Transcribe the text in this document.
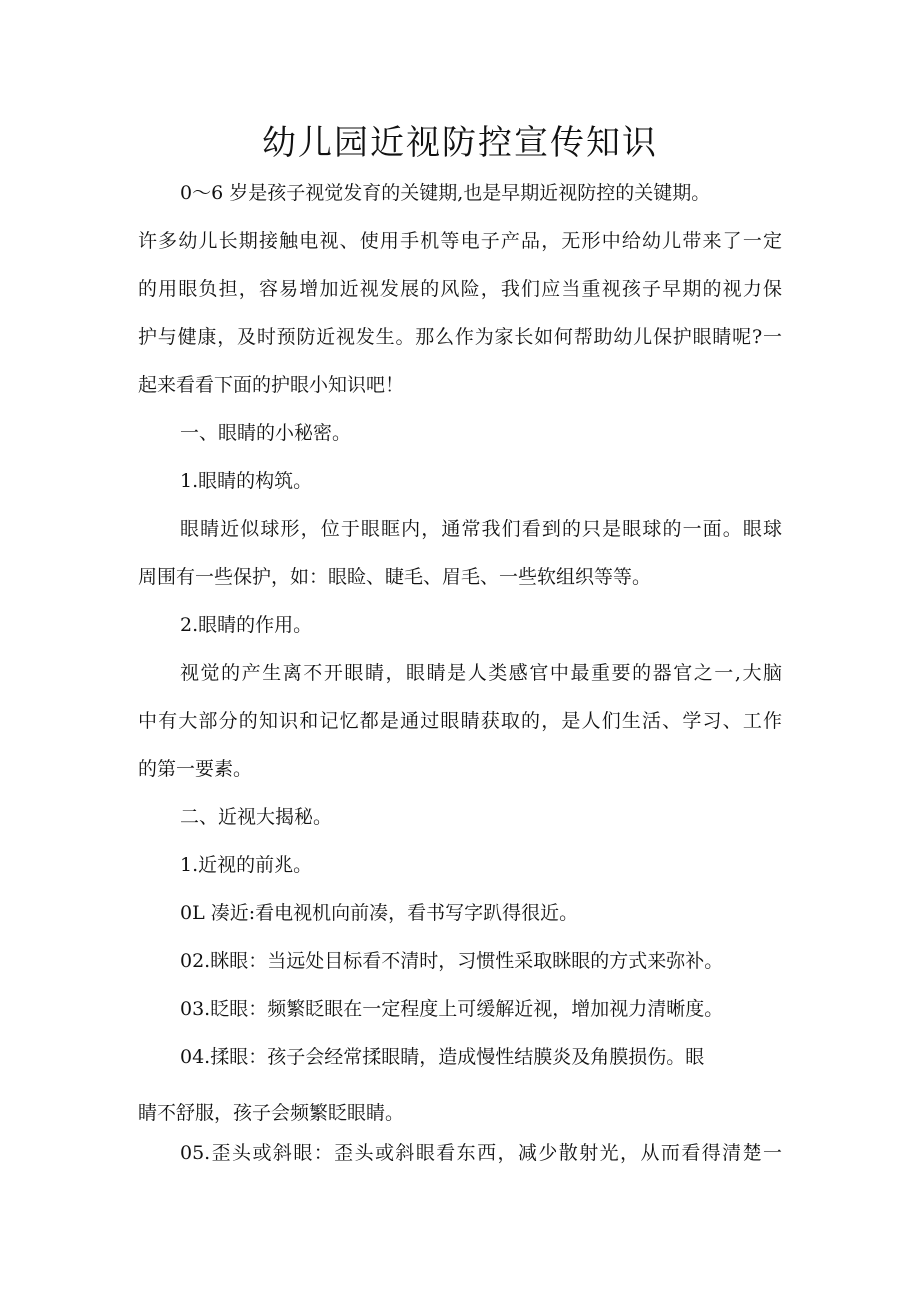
幼儿园近视防控宣传知识
0～6 岁是孩子视觉发育的关键期,也是早期近视防控的关键期。
许多幼儿长期接触电视、使用手机等电子产品，无形中给幼儿带来了一定
的用眼负担，容易增加近视发展的风险，我们应当重视孩子早期的视力保
护与健康，及时预防近视发生。那么作为家长如何帮助幼儿保护眼睛呢?一
起来看看下面的护眼小知识吧！
一、眼睛的小秘密。
1.眼睛的构筑。
眼睛近似球形，位于眼眶内，通常我们看到的只是眼球的一面。眼球
周围有一些保护，如：眼睑、睫毛、眉毛、一些软组织等等。
2.眼睛的作用。
视觉的产生离不开眼睛，眼睛是人类感官中最重要的器官之一,大脑
中有大部分的知识和记忆都是通过眼睛获取的，是人们生活、学习、工作
的第一要素。
二、近视大揭秘。
1.近视的前兆。
0L 凑近:看电视机向前凑，看书写字趴得很近。
02.眯眼：当远处目标看不清时，习惯性采取眯眼的方式来弥补。
03.眨眼：频繁眨眼在一定程度上可缓解近视，增加视力清晰度。
04.揉眼：孩子会经常揉眼睛，造成慢性结膜炎及角膜损伤。眼
睛不舒服，孩子会频繁眨眼睛。
05.歪头或斜眼：歪头或斜眼看东西，减少散射光，从而看得清楚一
